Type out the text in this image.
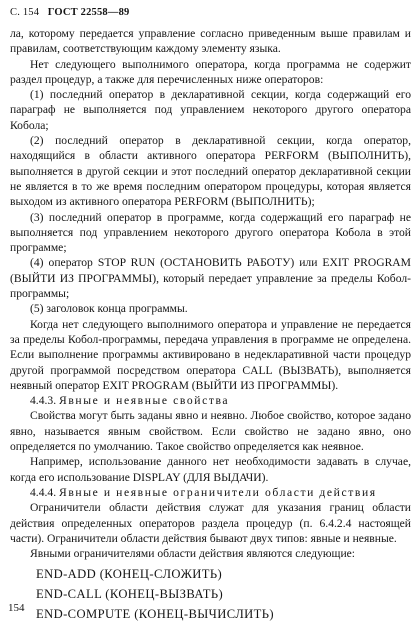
С. 154 ГОСТ 22558—89

ла, которому передается управление согласно приведенным выше правилам и правилам, соответствующим каждому элементу языка.

Нет следующего выполнимого оператора, когда программа не содержит раздел процедур, а также для перечисленных ниже операторов:

(1) последний оператор в декларативной секции, когда содержащий его параграф не выполняется под управлением некоторого другого оператора Кобола;

(2) последний оператор в декларативной секции, когда оператор, находящийся в области активного оператора PERFORM (ВЫПОЛНИТЬ), выполняется в другой секции и этот последний оператор декларативной секции не является в то же время последним оператором процедуры, которая является выходом из активного оператора PERFORM (ВЫПОЛНИТЬ);

(3) последний оператор в программе, когда содержащий его параграф не выполняется под управлением некоторого другого оператора Кобола в этой программе;

(4) оператор STOP RUN (ОСТАНОВИТЬ РАБОТУ) или EXIT PROGRAM (ВЫЙТИ ИЗ ПРОГРАММЫ), который передает управление за пределы Кобол-программы;

(5) заголовок конца программы.

Когда нет следующего выполнимого оператора и управление не передается за пределы Кобол-программы, передача управления в программе не определена. Если выполнение программы активировано в недекларативной части процедур другой программой посредством оператора CALL (ВЫЗВАТЬ), выполняется неявный оператор EXIT PROGRAM (ВЫЙТИ ИЗ ПРОГРАММЫ).

4.4.3. Явные и неявные свойства

Свойства могут быть заданы явно и неявно. Любое свойство, которое задано явно, называется явным свойством. Если свойство не задано явно, оно определяется по умолчанию. Такое свойство определяется как неявное.

Например, использование данного нет необходимости задавать в случае, когда его использование DISPLAY (ДЛЯ ВЫДАЧИ).

4.4.4. Явные и неявные ограничители области действия

Ограничители области действия служат для указания границ области действия определенных операторов раздела процедур (п. 6.4.2.4 настоящей части). Ограничители области действия бывают двух типов: явные и неявные.

Явными ограничителями области действия являются следующие:

END-ADD (КОНЕЦ-СЛОЖИТЬ)
END-CALL (КОНЕЦ-ВЫЗВАТЬ)
END-COMPUTE (КОНЕЦ-ВЫЧИСЛИТЬ)
154
